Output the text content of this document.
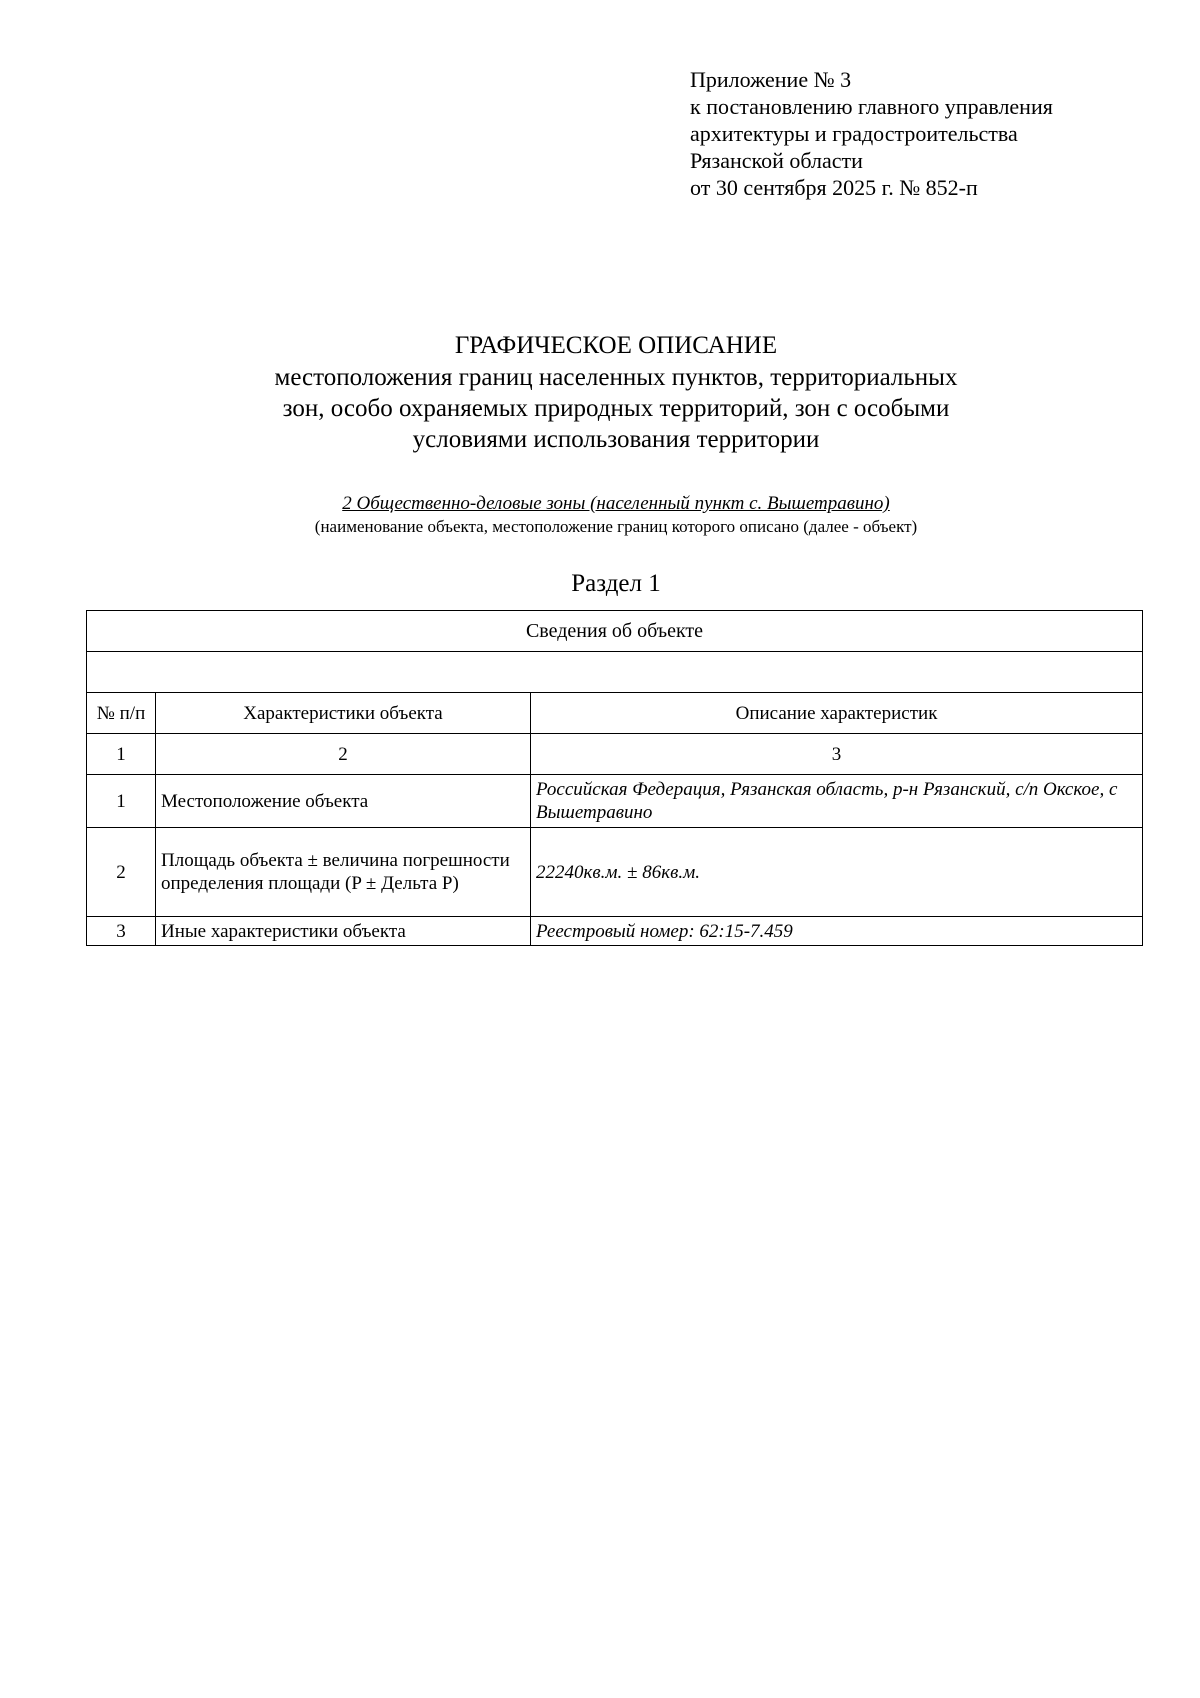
Приложение № 3
к постановлению главного управления
архитектуры и градостроительства
Рязанской области
от 30 сентября 2025 г. № 852-п
ГРАФИЧЕСКОЕ ОПИСАНИЕ
местоположения границ населенных пунктов, территориальных
зон, особо охраняемых природных территорий, зон с особыми
условиями использования территории
2 Общественно-деловые зоны (населенный пункт с. Вышетравино)
(наименование объекта, местоположение границ которого описано (далее - объект)
Раздел 1
Сведения об объекте		

№ п/п	Характеристики объекта	Описание характеристик
1	2	3
1	Местоположение объекта	Российская Федерация, Рязанская область, р-н Рязанский, с/п Окское, с Вышетравино
2	Площадь объекта ± величина погрешности определения площади (P ± Дельта P)	22240кв.м. ± 86кв.м.
3	Иные характеристики объекта	Реестровый номер: 62:15-7.459
